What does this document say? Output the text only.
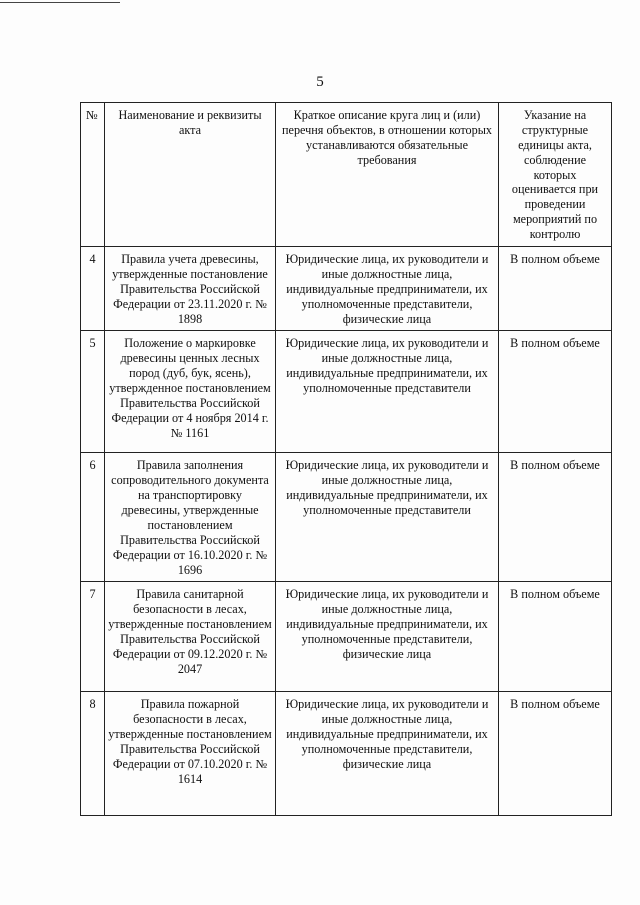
5
№	Наименование и реквизиты акта	Краткое описание круга лиц и (или) перечня объектов, в отношении которых устанавливаются обязательные требования	Указание на структурные единицы акта, соблюдение которых оценивается при проведении мероприятий по контролю
4	Правила учета древесины, утвержденные постановление Правительства Российской Федерации от 23.11.2020 г. № 1898	Юридические лица, их руководители и иные должностные лица, индивидуальные предприниматели, их уполномоченные представители, физические лица	В полном объеме
5	Положение о маркировке древесины ценных лесных пород (дуб, бук, ясень), утвержденное постановлением Правительства Российской Федерации от 4 ноября 2014 г. № 1161	Юридические лица, их руководители и иные должностные лица, индивидуальные предприниматели, их уполномоченные представители	В полном объеме
6	Правила заполнения сопроводительного документа на транспортировку древесины, утвержденные постановлением Правительства Российской Федерации от 16.10.2020 г. № 1696	Юридические лица, их руководители и иные должностные лица, индивидуальные предприниматели, их уполномоченные представители	В полном объеме
7	Правила санитарной безопасности в лесах, утвержденные постановлением Правительства Российской Федерации от 09.12.2020 г. № 2047	Юридические лица, их руководители и иные должностные лица, индивидуальные предприниматели, их уполномоченные представители, физические лица	В полном объеме
8	Правила пожарной безопасности в лесах, утвержденные постановлением Правительства Российской Федерации от 07.10.2020 г. № 1614	Юридические лица, их руководители и иные должностные лица, индивидуальные предприниматели, их уполномоченные представители, физические лица	В полном объеме
